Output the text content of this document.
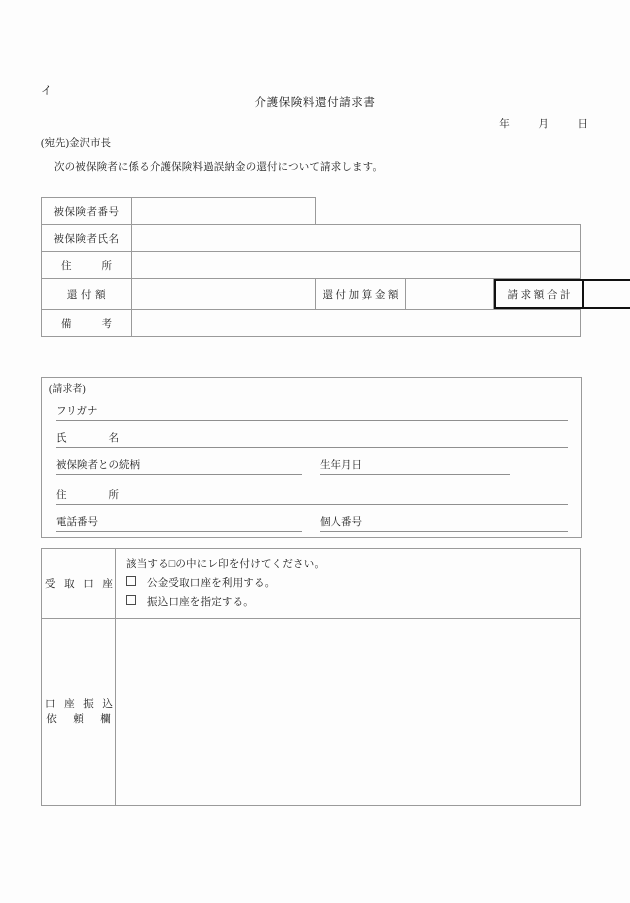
イ
介護保険料還付請求書
年	月	日
(宛先)金沢市長
次の被保険者に係る介護保険料過誤納金の還付について請求します。
被保険者番号		
被保険者氏名	
住　　所	
還 付 額		還 付 加 算 金 額			請 求 額 合 計	

備　　考	
(請求者)
フリガナ
氏　　名
被保険者との続柄	生年月日
住　　所
電話番号	個人番号
受 取 口 座	該当する□の中にレ印を付けてください。
公金受取口座を利用する。
振込口座を指定する。

口 座 振 込
依　頼　欄	
